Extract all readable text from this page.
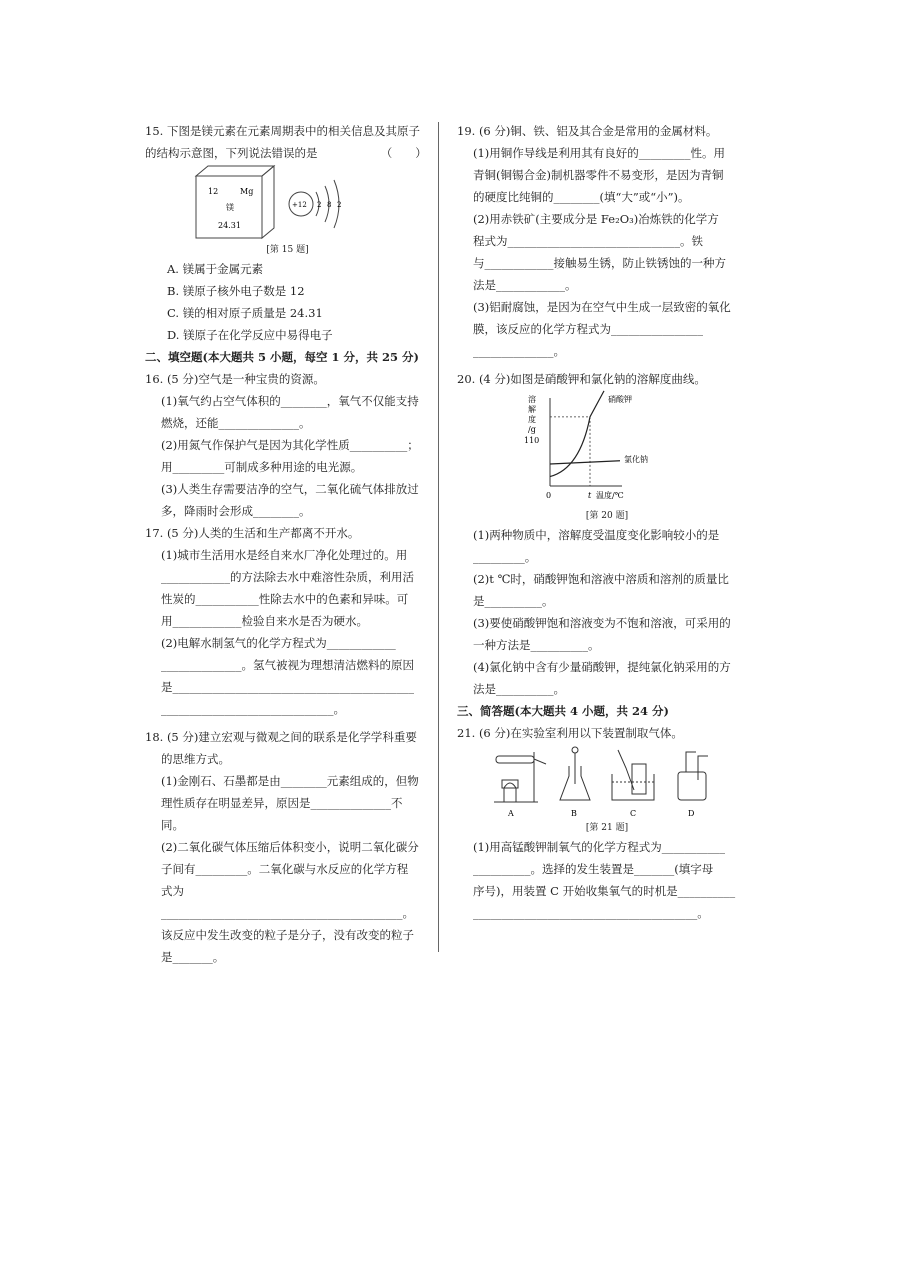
15. 下图是镁元素在元素周期表中的相关信息及其原子

的结构示意图，下列说法错误的是　　　　　　（　　）

12	Mg
镁
24.31
+12 2 8 2
[第 15 题]

A. 镁属于金属元素

B. 镁原子核外电子数是 12

C. 镁的相对原子质量是 24.31

D. 镁原子在化学反应中易得电子

二、填空题(本大题共 5 小题，每空 1 分，共 25 分)

16. (5 分)空气是一种宝贵的资源。

(1)氧气约占空气体积的________，氧气不仅能支持

燃烧，还能______________。

(2)用氮气作保护气是因为其化学性质__________；

用_________可制成多种用途的电光源。

(3)人类生存需要洁净的空气，二氧化硫气体排放过

多，降雨时会形成________。

17. (5 分)人类的生活和生产都离不开水。

(1)城市生活用水是经自来水厂净化处理过的。用

____________的方法除去水中难溶性杂质，利用活

性炭的___________性除去水中的色素和异味。可

用____________检验自来水是否为硬水。

(2)电解水制氢气的化学方程式为____________

______________。氢气被视为理想清洁燃料的原因

是__________________________________________

______________________________。

18. (5 分)建立宏观与微观之间的联系是化学学科重要

的思维方式。

(1)金刚石、石墨都是由________元素组成的，但物

理性质存在明显差异，原因是______________不

同。

(2)二氧化碳气体压缩后体积变小，说明二氧化碳分

子间有_________。二氧化碳与水反应的化学方程

式为__________________________________________。

该反应中发生改变的粒子是分子，没有改变的粒子

是_______。

19. (6 分)铜、铁、铝及其合金是常用的金属材料。

(1)用铜作导线是利用其有良好的_________性。用

青铜(铜锡合金)制机器零件不易变形，是因为青铜

的硬度比纯铜的________(填“大”或“小”)。

(2)用赤铁矿(主要成分是 Fe₂O₃)冶炼铁的化学方

程式为______________________________。铁

与____________接触易生锈，防止铁锈蚀的一种方

法是____________。

(3)铝耐腐蚀，是因为在空气中生成一层致密的氧化

膜，该反应的化学方程式为________________

______________。

20. (4 分)如图是硝酸钾和氯化钠的溶解度曲线。

溶
解
度
/g
110
0	t 温度/℃
硝酸钾
氯化钠
[第 20 题]

(1)两种物质中，溶解度受温度变化影响较小的是

_________。

(2)t ℃时，硝酸钾饱和溶液中溶质和溶剂的质量比

是__________。

(3)要使硝酸钾饱和溶液变为不饱和溶液，可采用的

一种方法是__________。

(4)氯化钠中含有少量硝酸钾，提纯氯化钠采用的方

法是__________。

三、简答题(本大题共 4 小题，共 24 分)

21. (6 分)在实验室利用以下装置制取气体。

A	B	C	D
[第 21 题]

(1)用高锰酸钾制氧气的化学方程式为___________

__________。选择的发生装置是_______(填字母

序号)，用装置 C 开始收集氧气的时机是__________

_______________________________________。
